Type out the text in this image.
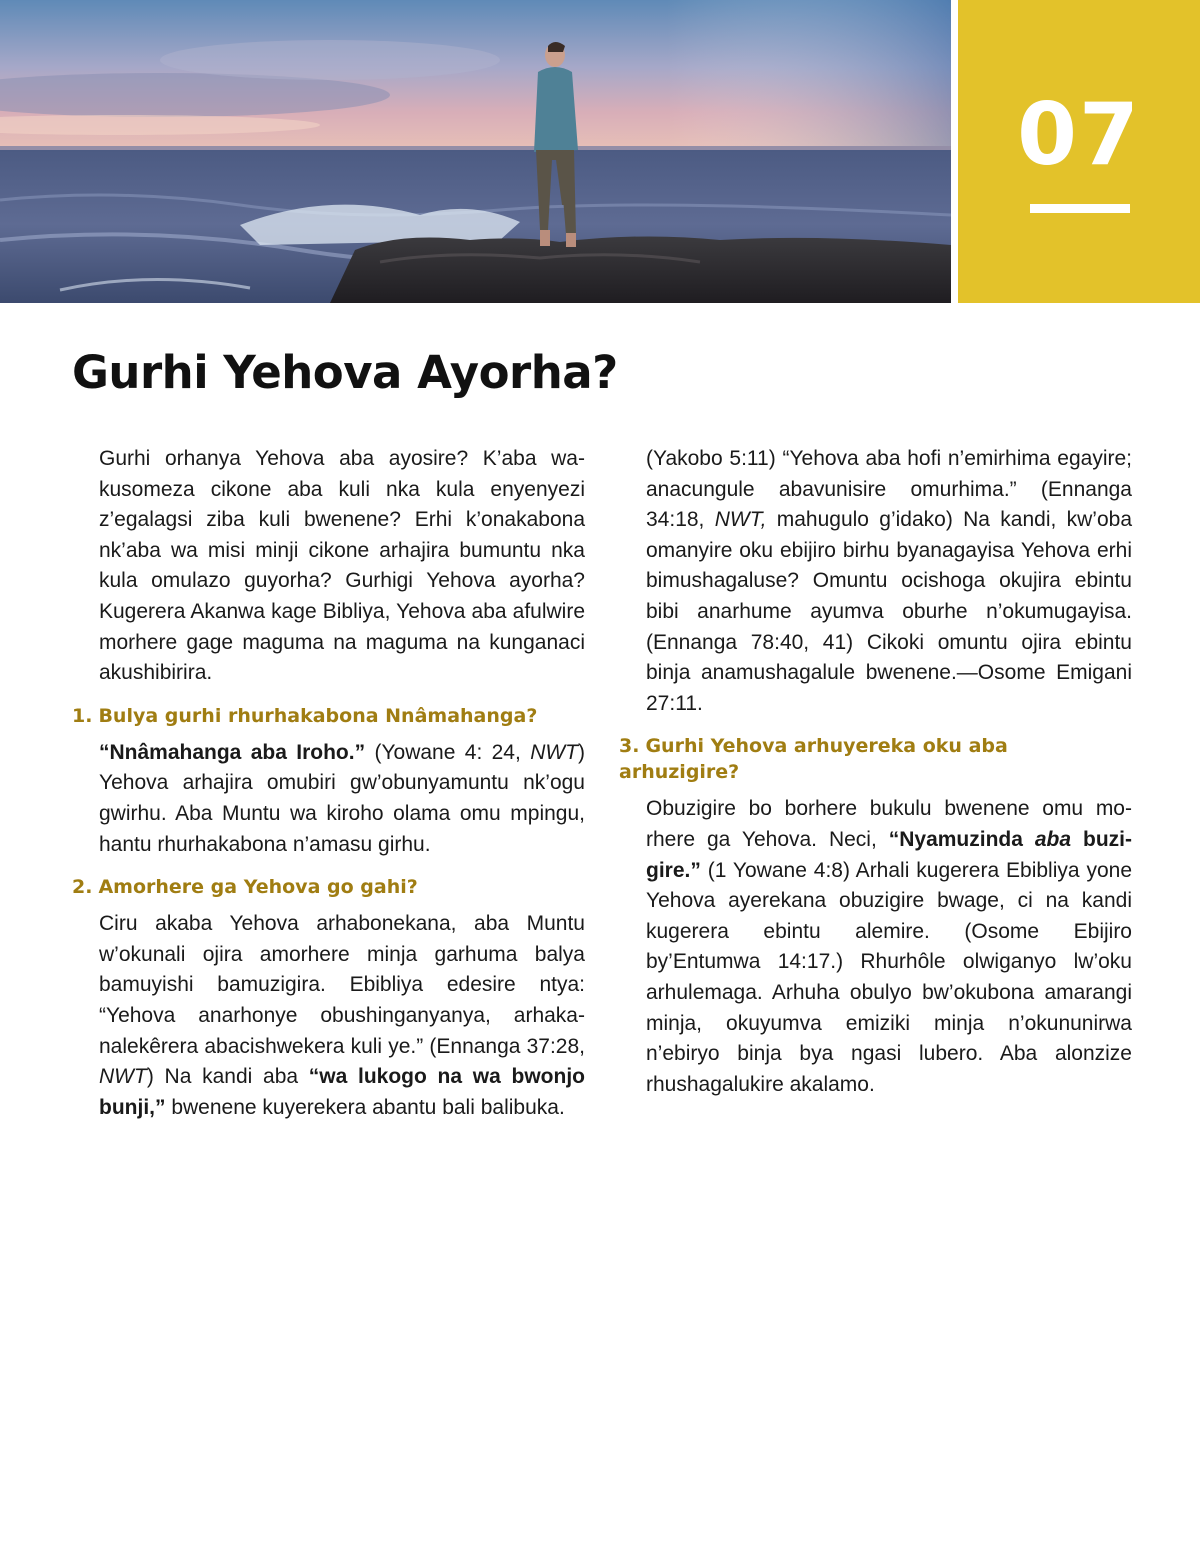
07
Gurhi Yehova Ayorha?

Gurhi orhanya Yehova aba ayosire? K’aba wakusomeza cikone aba kuli nka kula enyenyezi z’egalagsi ziba kuli bwenene? Erhi k’onakabona nk’aba wa misi minji cikone arhajira bumuntu nka kula omulazo guyorha? Gurhigi Yehova ayorha? Kugerera Akanwa kage Bibliya, Yehova aba afulwire morhere gage maguma na maguma na kunganaci akushibirira.

1. Bulya gurhi rhurhakabona Nnâmahanga?

“Nnâmahanga aba Iroho.” (Yowane 4: 24, NWT) Yehova arhajira omubiri gw’obunyamuntu nk’ogu gwirhu. Aba Muntu wa kiroho olama omu mpingu, hantu rhurhakabona n’amasu girhu.

2. Amorhere ga Yehova go gahi?

Ciru akaba Yehova arhabonekana, aba Muntu w’okunali ojira amorhere minja garhuma balya bamuyishi bamuzigira. Ebibliya edesire ntya: “Yehova anarhonye obushinganyanya, arhakanalekêrera abacishwekera kuli ye.” (Ennanga 37:28, NWT) Na kandi aba “wa lukogo na wa bwonjo bunji,” bwenene kuyerekera abantu bali balibuka.

(Yakobo 5:11) “Yehova aba hofi n’emirhima egayire; anacungule abavunisire omurhima.” (Ennanga 34:18, NWT, mahugulo g’idako) Na kandi, kw’oba omanyire oku ebijiro birhu byanagayisa Yehova erhi bimushagaluse? Omuntu ocishoga okujira ebintu bibi anarhume ayumva oburhe n’okumugayisa. (Ennanga 78:40, 41) Cikoki omuntu ojira ebintu binja anamushagalule bwenene.—Osome Emigani 27:11.

3. Gurhi Yehova arhuyereka oku aba arhuzigire?

Obuzigire bo borhere bukulu bwenene omu morhere ga Yehova. Neci, “Nyamuzinda aba buzigire.” (1 Yowane 4:8) Arhali kugerera Ebibliya yone Yehova ayerekana obuzigire bwage, ci na kandi kugerera ebintu alemire. (Osome Ebijiro by’Entumwa 14:17.) Rhurhôle olwiganyo lw’oku arhulemaga. Arhuha obulyo bw’okubona amarangi minja, okuyumva emiziki minja n’okununirwa n’ebiryo binja bya ngasi lubero. Aba alonzize rhushagalukire akalamo.
